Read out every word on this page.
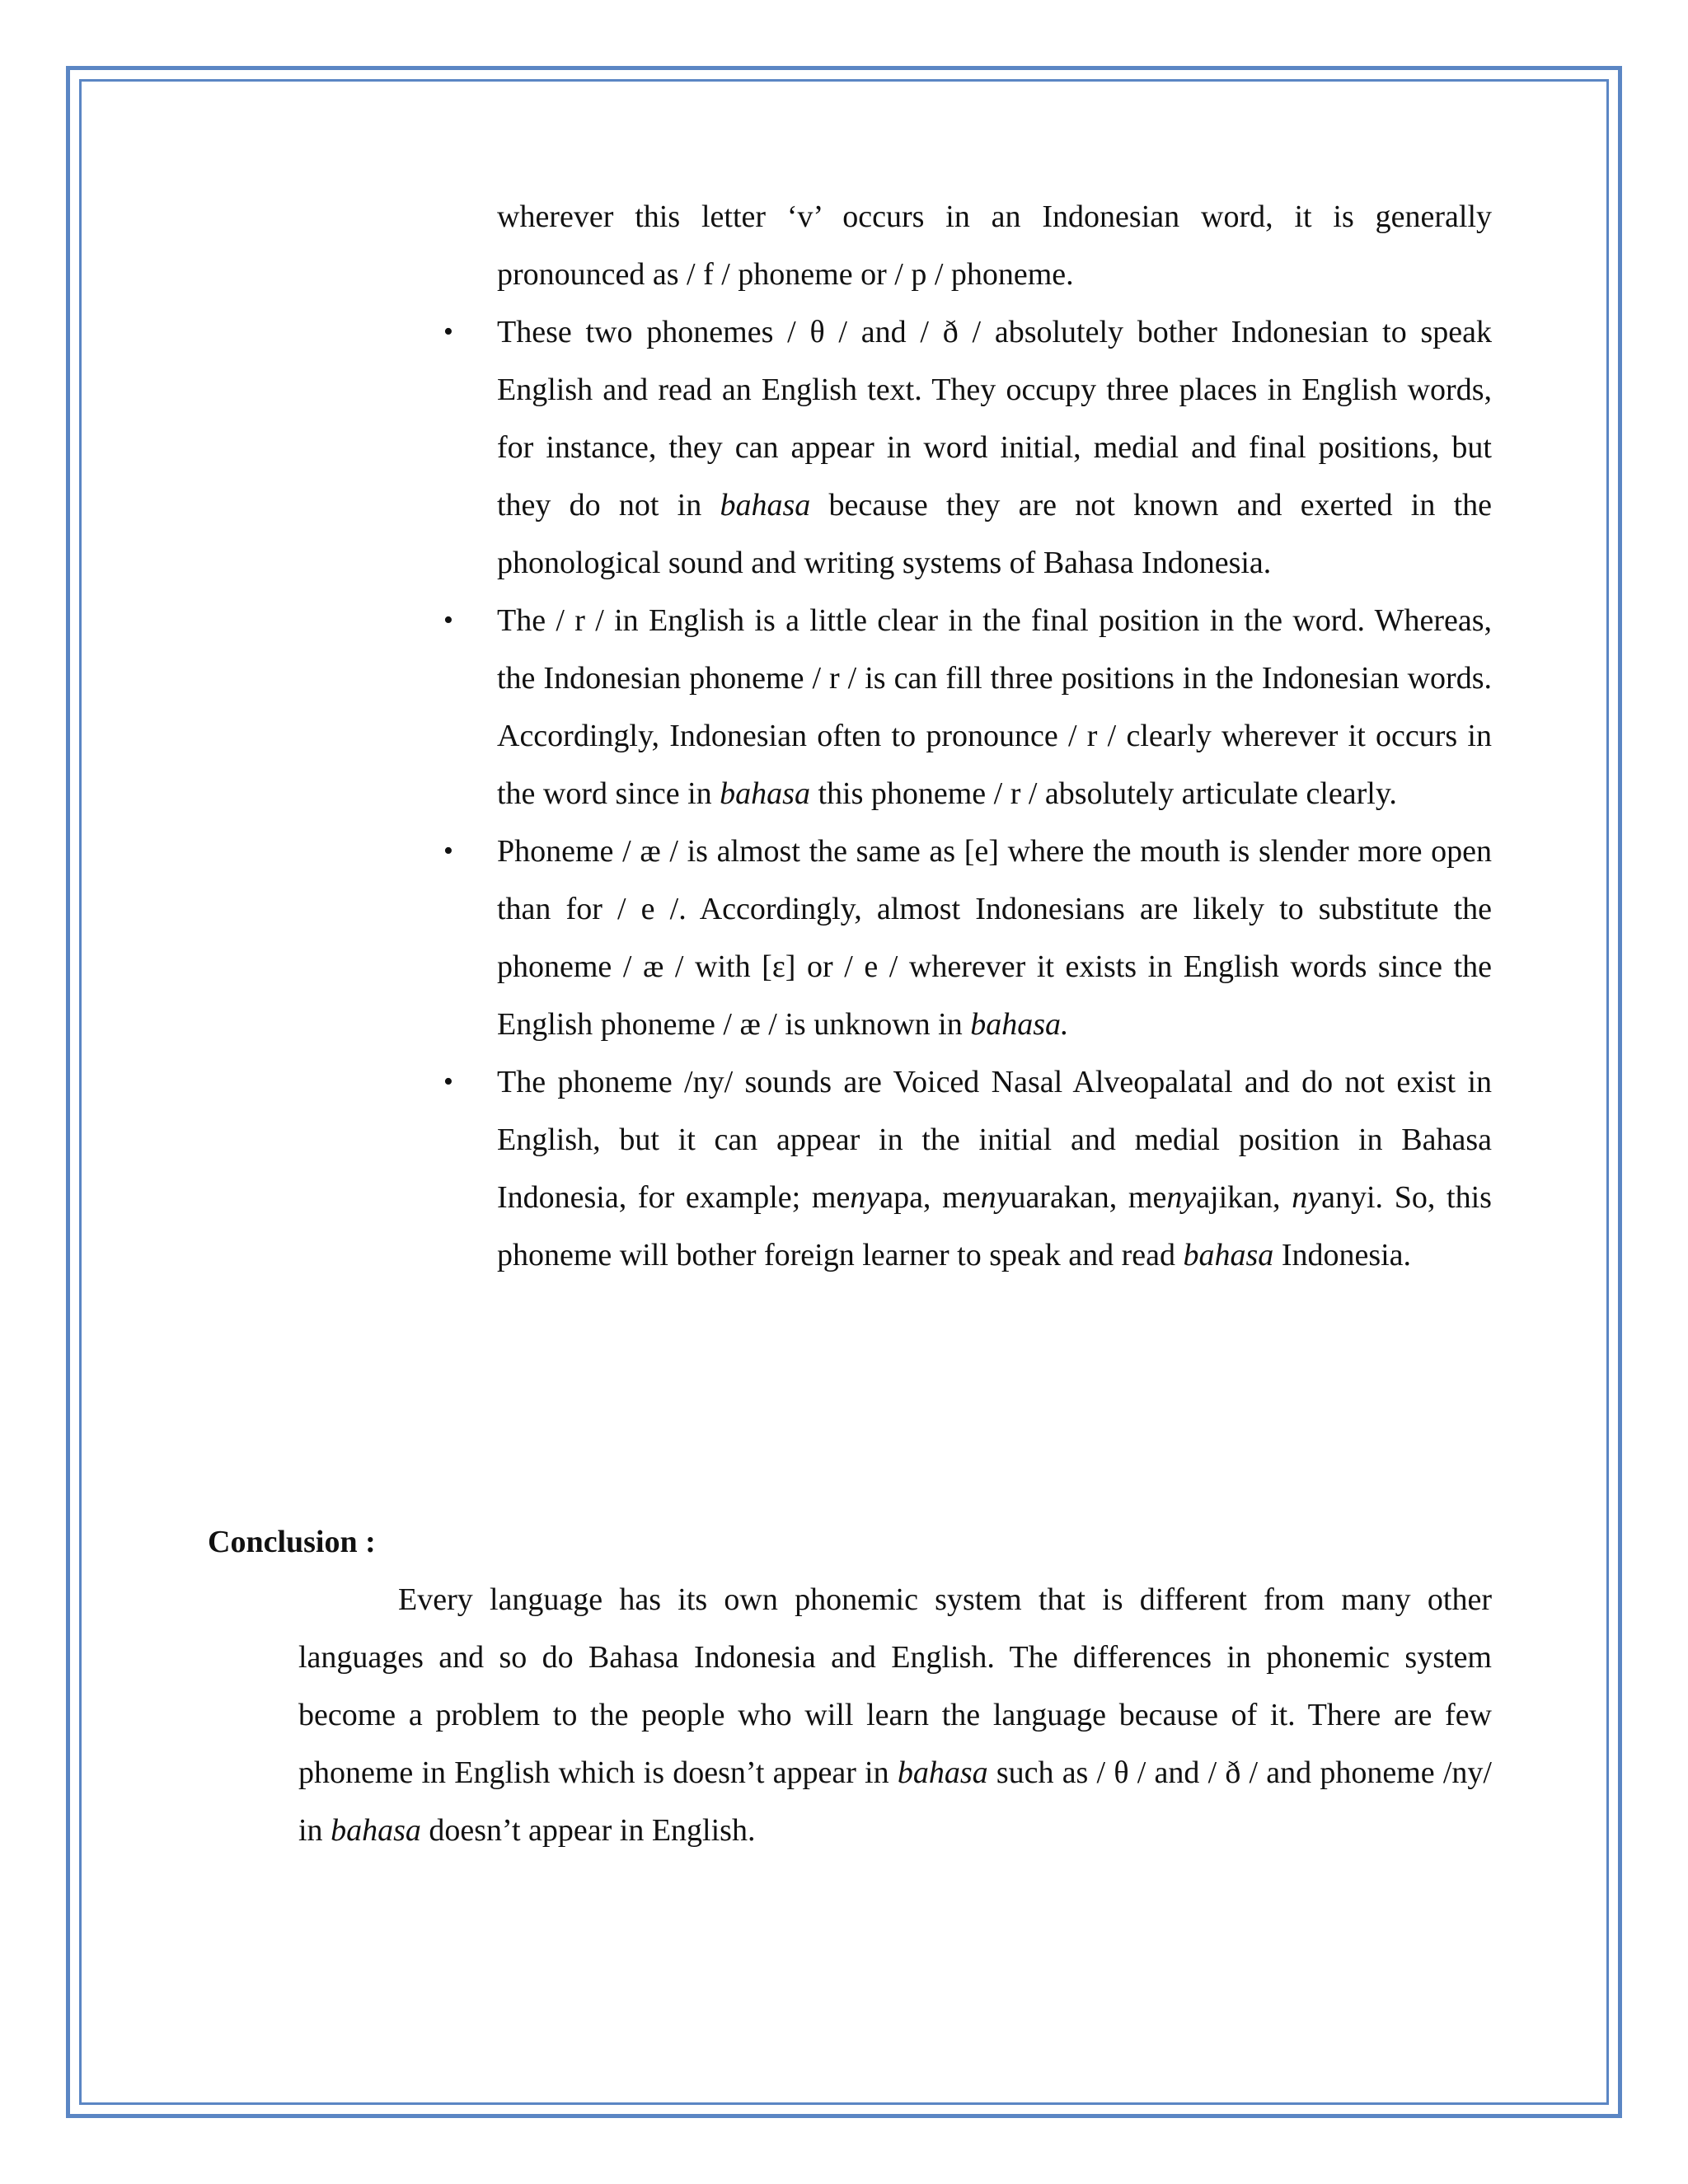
wherever this letter ‘v’ occurs in an Indonesian word, it is generally pronounced as / f / phoneme or / p / phoneme.

• These two phonemes / θ / and / ð / absolutely bother Indonesian to speak English and read an English text. They occupy three places in English words, for instance, they can appear in word initial, medial and final positions, but they do not in bahasa because they are not known and exerted in the phonological sound and writing systems of Bahasa Indonesia.
• The / r / in English is a little clear in the final position in the word. Whereas, the Indonesian phoneme / r / is can fill three positions in the Indonesian words. Accordingly, Indonesian often to pronounce / r / clearly wherever it occurs in the word since in bahasa this phoneme / r / absolutely articulate clearly.
• Phoneme / æ / is almost the same as [e] where the mouth is slender more open than for / e /. Accordingly, almost Indonesians are likely to substitute the phoneme / æ / with [ɛ] or / e / wherever it exists in English words since the English phoneme / æ / is unknown in bahasa.
• The phoneme /ny/ sounds are Voiced Nasal Alveopalatal and do not exist in English, but it can appear in the initial and medial position in Bahasa Indonesia, for example; menyapa, menyuarakan, menyajikan, nyanyi. So, this phoneme will bother foreign learner to speak and read bahasa Indonesia.
Conclusion :

Every language has its own phonemic system that is different from many other languages and so do Bahasa Indonesia and English. The differences in phonemic system become a problem to the people who will learn the language because of it. There are few phoneme in English which is doesn’t appear in bahasa such as / θ / and / ð / and phoneme /ny/ in bahasa doesn’t appear in English.
